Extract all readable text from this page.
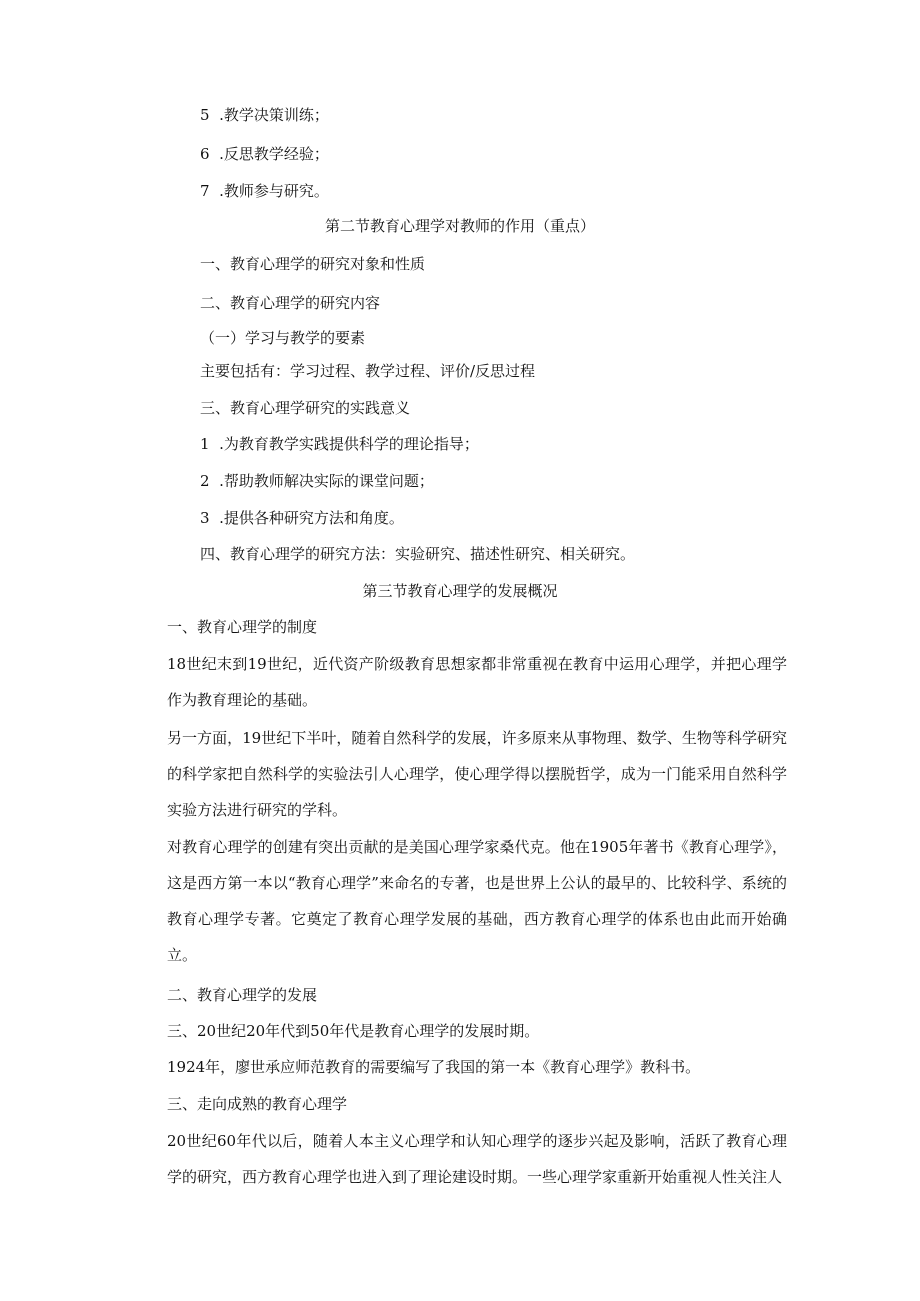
5  .教学决策训练；

6  .反思教学经验；

7  .教师参与研究。

第二节教育心理学对教师的作用（重点）

一、教育心理学的研究对象和性质

二、教育心理学的研究内容

（一）学习与教学的要素

主要包括有：学习过程、教学过程、评价/反思过程

三、教育心理学研究的实践意义

1  .为教育教学实践提供科学的理论指导；

2  .帮助教师解决实际的课堂问题；

3  .提供各种研究方法和角度。

四、教育心理学的研究方法：实验研究、描述性研究、相关研究。

第三节教育心理学的发展概况

一、教育心理学的制度

18世纪末到19世纪，近代资产阶级教育思想家都非常重视在教育中运用心理学，并把心理学作为教育理论的基础。

另一方面，19世纪下半叶，随着自然科学的发展，许多原来从事物理、数学、生物等科学研究的科学家把自然科学的实验法引人心理学，使心理学得以摆脱哲学，成为一门能采用自然科学实验方法进行研究的学科。

对教育心理学的创建有突出贡献的是美国心理学家桑代克。他在1905年著书《教育心理学》，这是西方第一本以“教育心理学”来命名的专著，也是世界上公认的最早的、比较科学、系统的教育心理学专著。它奠定了教育心理学发展的基础，西方教育心理学的体系也由此而开始确立。

二、教育心理学的发展

三、20世纪20年代到50年代是教育心理学的发展时期。

1924年，廖世承应师范教育的需要编写了我国的第一本《教育心理学》教科书。

三、走向成熟的教育心理学

20世纪60年代以后，随着人本主义心理学和认知心理学的逐步兴起及影响，活跃了教育心理学的研究，西方教育心理学也进入到了理论建设时期。一些心理学家重新开始重视人性关注人
